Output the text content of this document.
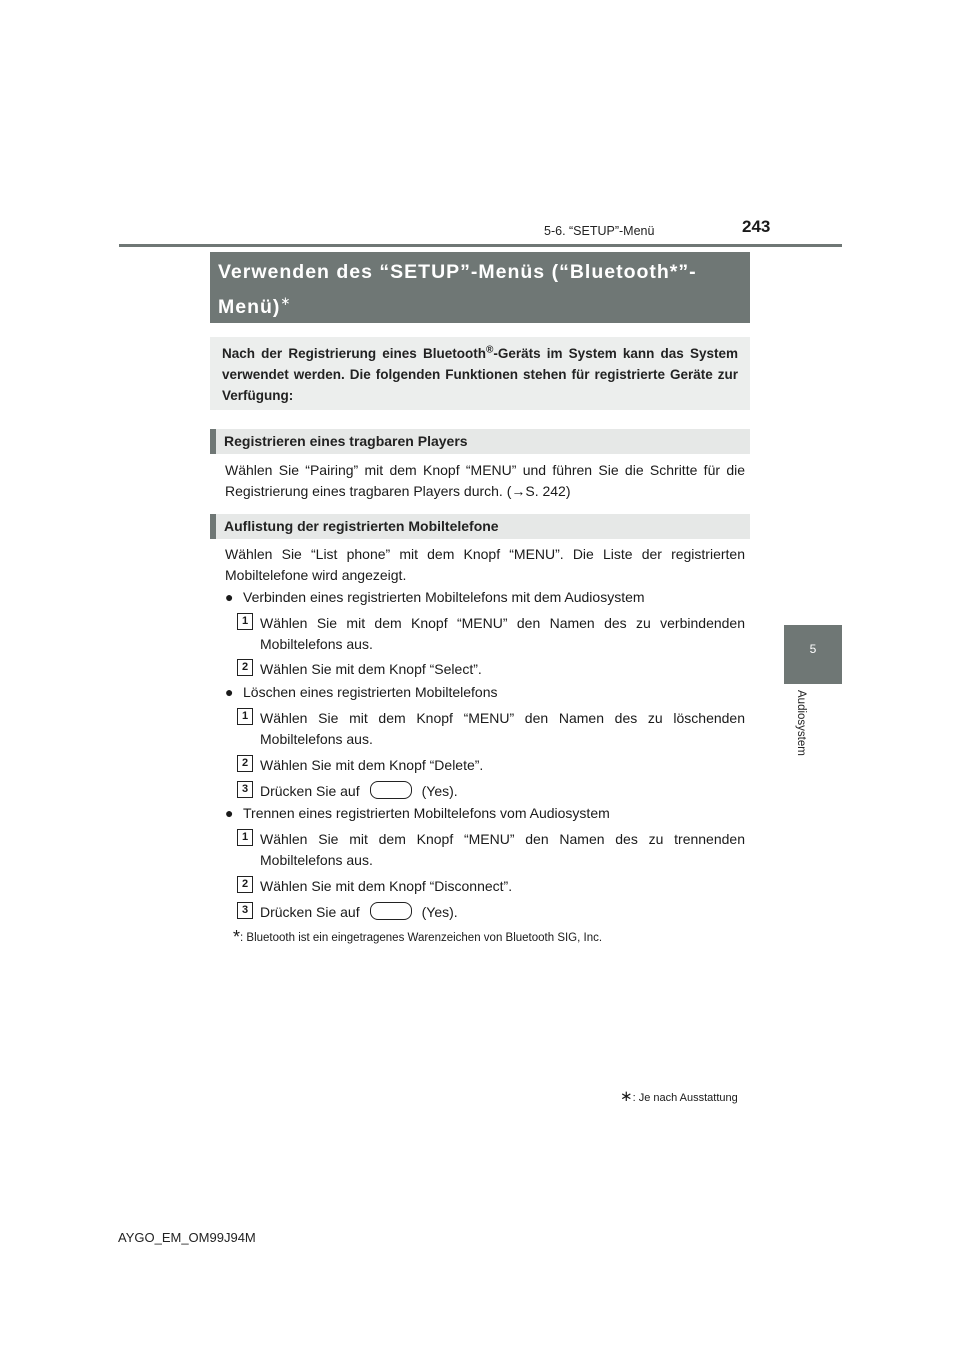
5-6. “SETUP”-Menü	243
5
Audiosystem
Verwenden des “SETUP”-Menüs (“Bluetooth*”-Menü)∗
Nach der Registrierung eines Bluetooth®-Geräts im System kann das System verwendet werden. Die folgenden Funktionen stehen für registrierte Geräte zur Verfügung:
Registrieren eines tragbaren Players
Wählen Sie “Pairing” mit dem Knopf “MENU” und führen Sie die Schritte für die Registrierung eines tragbaren Players durch. (→S. 242)
Auflistung der registrierten Mobiltelefone
Wählen Sie “List phone” mit dem Knopf “MENU”. Die Liste der registrierten Mobiltelefone wird angezeigt.
● Verbinden eines registrierten Mobiltelefons mit dem Audiosystem
1 Wählen Sie mit dem Knopf “MENU” den Namen des zu verbindenden Mobiltelefons aus.
2 Wählen Sie mit dem Knopf “Select”.
● Löschen eines registrierten Mobiltelefons
1 Wählen Sie mit dem Knopf “MENU” den Namen des zu löschenden Mobiltelefons aus.
2 Wählen Sie mit dem Knopf “Delete”.
3 Drücken Sie auf	(Yes).
● Trennen eines registrierten Mobiltelefons vom Audiosystem
1 Wählen Sie mit dem Knopf “MENU” den Namen des zu trennenden Mobiltelefons aus.
2 Wählen Sie mit dem Knopf “Disconnect”.
3 Drücken Sie auf	(Yes).
*: Bluetooth ist ein eingetragenes Warenzeichen von Bluetooth SIG, Inc.
∗: Je nach Ausstattung
AYGO_EM_OM99J94M
